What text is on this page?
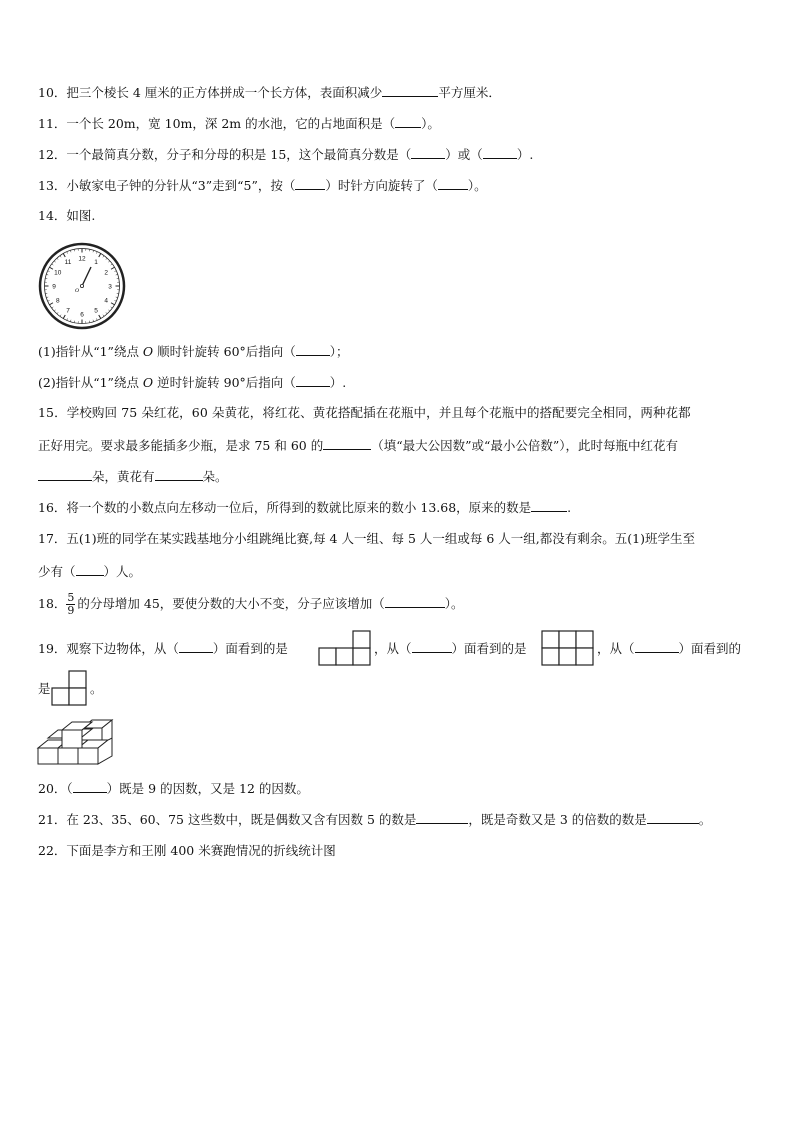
10．把三个棱长 4 厘米的正方体拼成一个长方体，表面积减少	平方厘米．
11．一个长 20m，宽 10m，深 2m 的水池，它的占地面积是（ ）。
12．一个最简真分数，分子和分母的积是 15，这个最简真分数是（	）或（	）.
13．小敏家电子钟的分针从“3”走到“5”，按（ ）时针方向旋转了（ ）。
14．如图.
12
1
2
3
4
5
6
7
8
9
10
11
O
(1)指针从“1”绕点 O 顺时针旋转 60°后指向（	）；
(2)指针从“1”绕点 O 逆时针旋转 90°后指向（	）.
15．学校购回 75 朵红花，60 朵黄花，将红花、黄花搭配插在花瓶中，并且每个花瓶中的搭配要完全相同，两种花都
正好用完。要求最多能插多少瓶，是求 75 和 60 的	（填“最大公因数”或“最小公倍数”），此时每瓶中红花有
朵，黄花有	朵。
16．将一个数的小数点向左移动一位后，所得到的数就比原来的数小 13.68，原来的数是	.
17．五(1)班的同学在某实践基地分小组跳绳比赛,每 4 人一组、每 5 人一组或每 6 人一组,都没有剩余。五(1)班学生至
少有（ ）人。
18． $\frac{5}{9}$ 的分母增加 45，要使分数的大小不变，分子应该增加（	）。
19．观察下边物体，从（	）面看到的是	，从（	）面看到的是	，从（	）面看到的
是	。
20．（	）既是 9 的因数，又是 12 的因数。
21．在 23、35、60、75 这些数中，既是偶数又含有因数 5 的数是	，既是奇数又是 3 的倍数的数是	。
22．下面是李方和王刚 400 米赛跑情况的折线统计图
